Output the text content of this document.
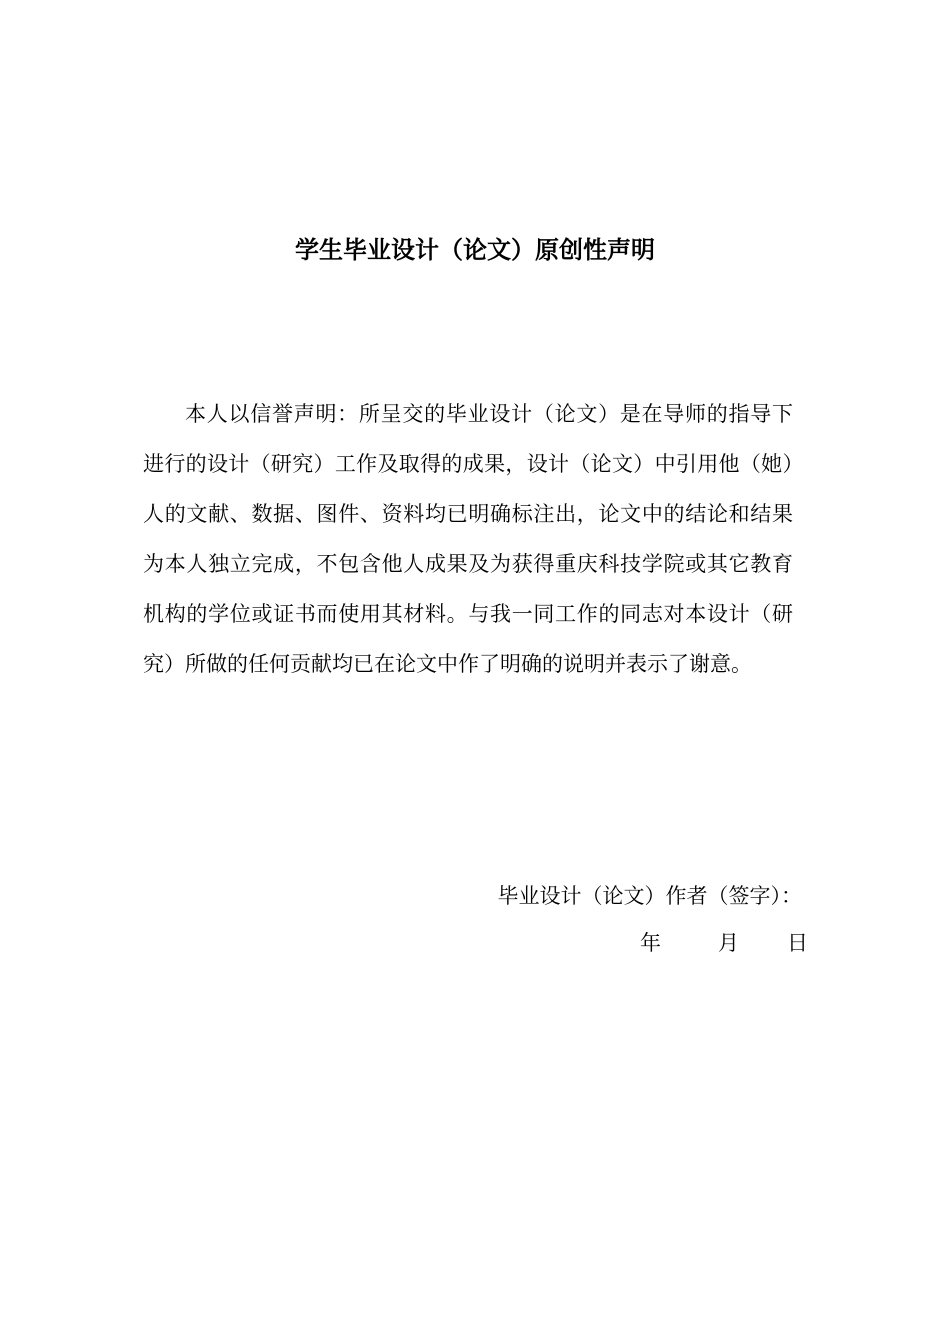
学生毕业设计（论文）原创性声明

本人以信誉声明：所呈交的毕业设计（论文）是在导师的指导下进行的设计（研究）工作及取得的成果，设计（论文）中引用他（她）人的文献、数据、图件、资料均已明确标注出，论文中的结论和结果为本人独立完成，不包含他人成果及为获得重庆科技学院或其它教育机构的学位或证书而使用其材料。与我一同工作的同志对本设计（研究）所做的任何贡献均已在论文中作了明确的说明并表示了谢意。

毕业设计（论文）作者（签字）：
年	月 日
